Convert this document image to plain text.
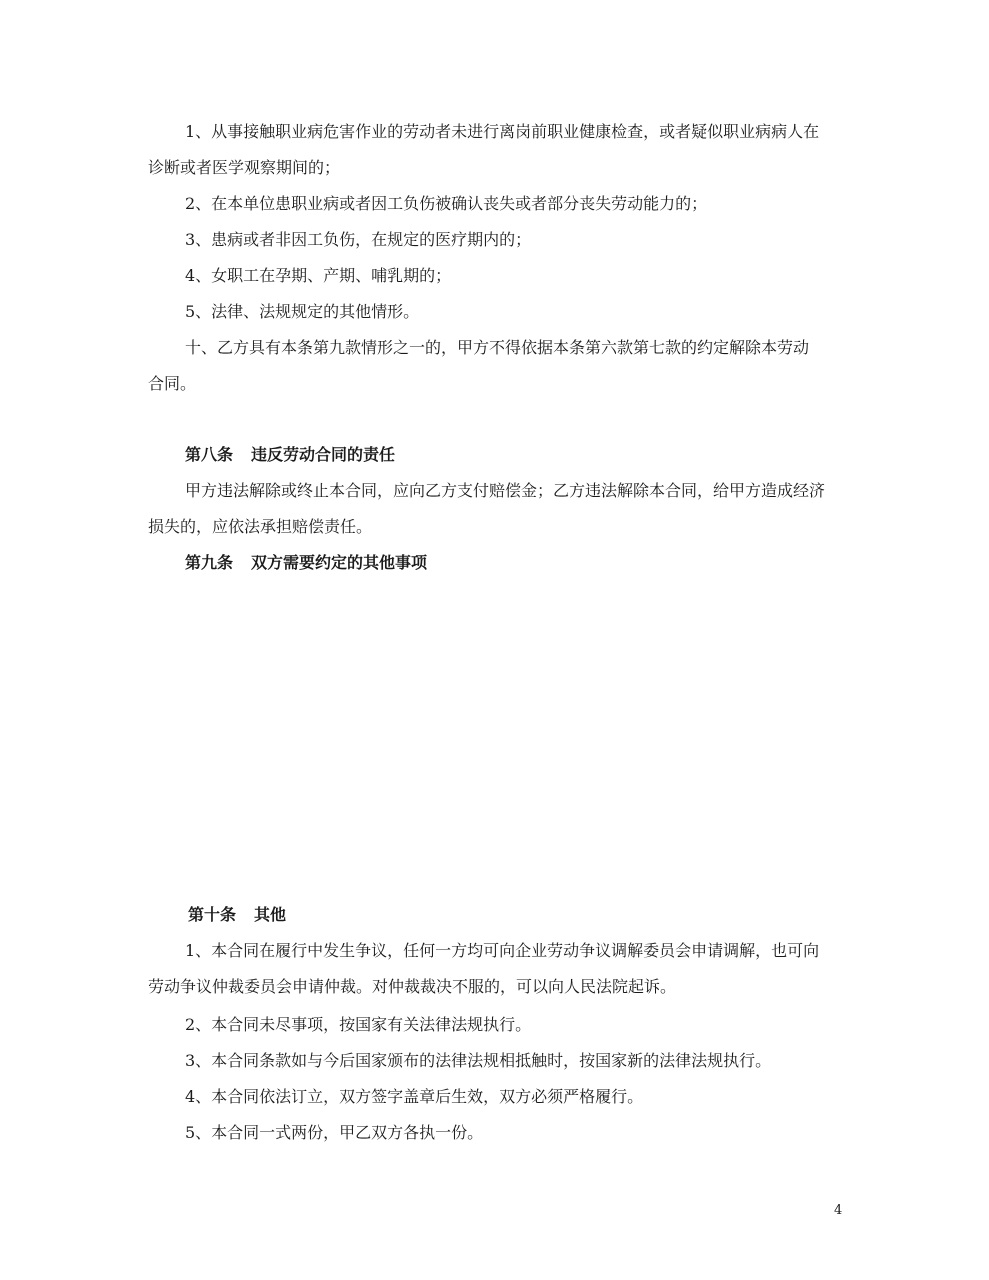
1、从事接触职业病危害作业的劳动者未进行离岗前职业健康检查，或者疑似职业病病人在
诊断或者医学观察期间的；
2、在本单位患职业病或者因工负伤被确认丧失或者部分丧失劳动能力的；
3、患病或者非因工负伤，在规定的医疗期内的；
4、女职工在孕期、产期、哺乳期的；
5、法律、法规规定的其他情形。
十、乙方具有本条第九款情形之一的，甲方不得依据本条第六款第七款的约定解除本劳动
合同。
第八条 违反劳动合同的责任
甲方违法解除或终止本合同，应向乙方支付赔偿金；乙方违法解除本合同，给甲方造成经济
损失的，应依法承担赔偿责任。
第九条 双方需要约定的其他事项
第十条 其他
1、本合同在履行中发生争议，任何一方均可向企业劳动争议调解委员会申请调解，也可向
劳动争议仲裁委员会申请仲裁。对仲裁裁决不服的，可以向人民法院起诉。
2、本合同未尽事项，按国家有关法律法规执行。
3、本合同条款如与今后国家颁布的法律法规相抵触时，按国家新的法律法规执行。
4、本合同依法订立，双方签字盖章后生效，双方必须严格履行。
5、本合同一式两份，甲乙双方各执一份。
4
